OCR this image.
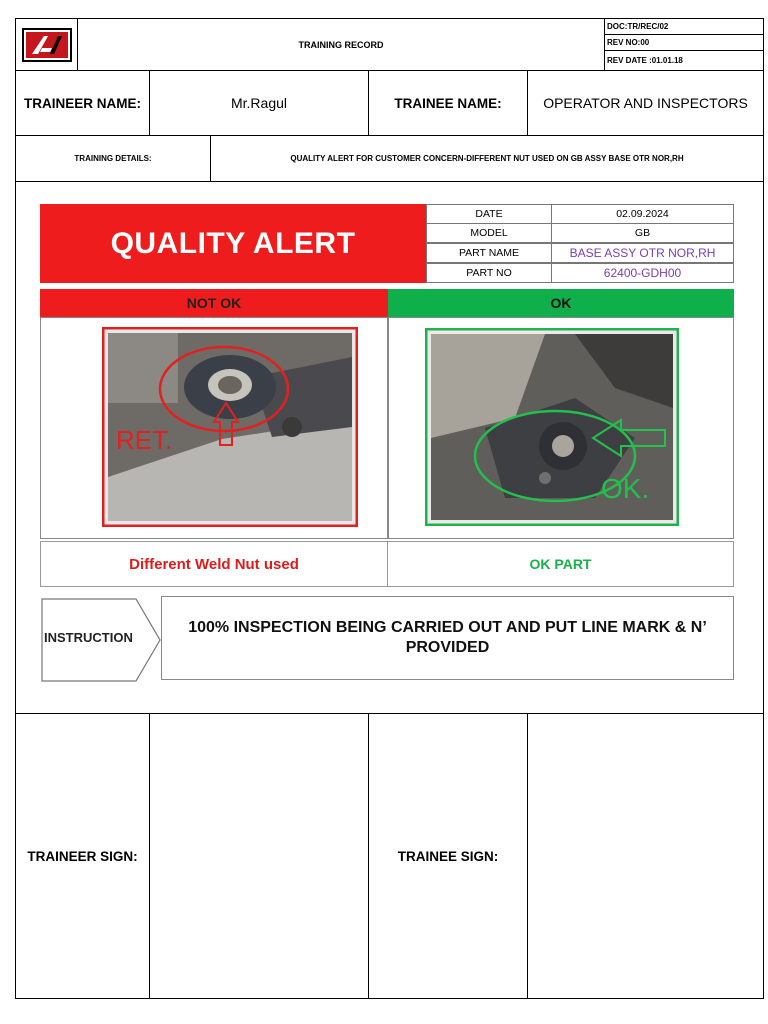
TRAINING RECORD
DOC:TR/REC/02
REV NO:00
REV DATE :01.01.18
TRAINEER NAME:	Mr.Ragul	TRAINEE NAME:	OPERATOR AND INSPECTORS
TRAINING DETAILS:	QUALITY ALERT FOR CUSTOMER CONCERN-DIFFERENT NUT USED ON GB ASSY BASE OTR NOR,RH
QUALITY ALERT
DATE	02.09.2024
MODEL	GB
PART NAME	BASE ASSY OTR NOR,RH
PART NO	62400-GDH00
NOT OK	OK
RET.
OK.
Different Weld Nut used	OK PART
INSTRUCTION
100% INSPECTION BEING CARRIED OUT AND PUT LINE MARK & N’ PROVIDED
TRAINEER SIGN:	TRAINEE SIGN:
